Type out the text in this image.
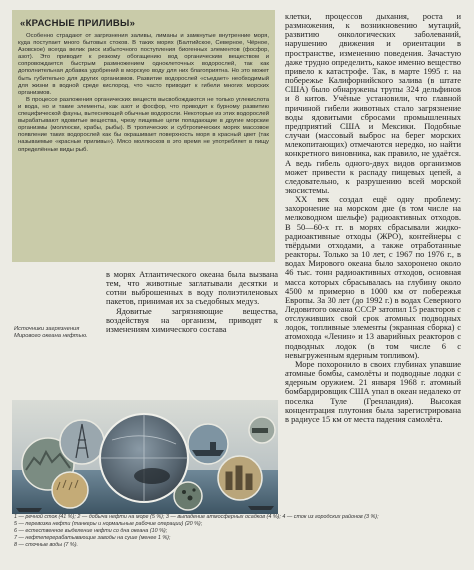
«КРАСНЫЕ ПРИЛИВЫ»

Особенно страдают от загрязнения заливы, лиманы и замкнутые внутренние моря, куда поступает много бытовых стоков. В таких морях (Балтийское, Северное, Чёрное, Азовское) всегда велик риск избыточного поступления биогенных элементов (фосфор, азот). Это приводит к резкому обогащению вод органическим веществом и сопровождается быстрым размножением одноклеточных водорослей, так как дополнительная добавка удобрений в морскую воду для них благоприятна. Но это может быть губительно для других организмов. Развитие водорослей «съедает» необходимый для жизни в водной среде кислород, что часто приводит к гибели многих морских организмов.

В процессе разложения органических веществ высвобождаются не только углекислота и вода, но и такие элементы, как азот и фосфор, что приводит к бурному развитию специфической фауны, вытесняющей обычные водоросли. Некоторые из этих водорослей вырабатывают ядовитые вещества, чрезу пищевые цепи попадающие в другие морские организмы (моллюски, крабы, рыбы). В тропических и субтропических морях массовое появление таких водорослей как бы окрашивает поверхность моря в красный цвет (так называемые «красные приливы»). Мясо моллюсков в это время не употребляет в пищу определённые виды рыб.

клетки, процессов дыхания, роста и размножения, к возникновению мутаций, развитию онкологических заболеваний, нарушению движения и ориентации в пространстве, изменению поведения. Зачастую даже трудно определить, какое именно вещество привело к катастрофе. Так, в марте 1995 г. на побережье Калифорнийского залива (в штате США) было обнаружены трупы 324 дельфинов и 8 китов. Учёные установили, что главной причиной гибели животных стало загрязнение воды ядовитыми сбросами промышленных предприятий США и Мексики. Подобные случаи (массовый выброс на берег морских млекопитающих) отмечаются нередко, но найти конкретного виновника, как правило, не удаётся. А ведь гибель одного-двух видов организмов может привести к распаду пищевых цепей, а следовательно, к разрушению всей морской экосистемы.

XX век создал ещё одну проблему: захоронение на морском дне (в том числе на мелководном шельфе) радиоактивных отходов. В 50—60-х гг. в морях сбрасывали жидко-радиоактивные отходы (ЖРО), контейнеры с твёрдыми отходами, а также отработанные реакторы. Только за 10 лет, с 1967 по 1976 г., в водах Мирового океана было захоронено около 46 тыс. тонн радиоактивных отходов, основная масса которых сбрасывалась на глубину около 4500 м примерно в 1000 км от побережья Европы. За 30 лет (до 1992 г.) в водах Северного Ледовитого океана СССР затопил 15 реакторов с отслуживших свой срок атомных подводных лодок, топливные элементы (экранная сборка) с атомохода «Ленин» и 13 аварийных реакторов с подводных лодок (в том числе 6 с невыгруженным ядерным топливом).

Море похоронило в своих глубинах упавшие атомные бомбы, самолёты и подводные лодки с ядерным оружием. 21 января 1968 г. атомный бомбардировщик США упал в океан недалеко от поселка Туле (Гренландия). Высокая концентрация плутония была зарегистрирована в радиусе 15 км от места падения самолёта.

Источники загрязнения Мирового океана нефтью.

в морях Атлантического океана была вызвана тем, что животные заглатывали десятки и сотни выброшенных в воду полиэтиленовых пакетов, принимая их за съедобных медуз.

Ядовитые загрязняющие вещества, воздействуя на организм, приводят к изменениям химического состава

1 — речной сток (41 %); 2 — добыча нефти на море (5 %); 3 — выпадение атмосферных осадков (4 %); 4 — сток из городских районов (3 %);
5 — перевозка нефти (танкеры и нормальные рабочие операции) (20 %);
6 — естественное выделение нефти со дна океана (10 %);
7 — нефтеперерабатывающие заводы на суше (менее 1 %);
8 — сточные воды (7 %).
